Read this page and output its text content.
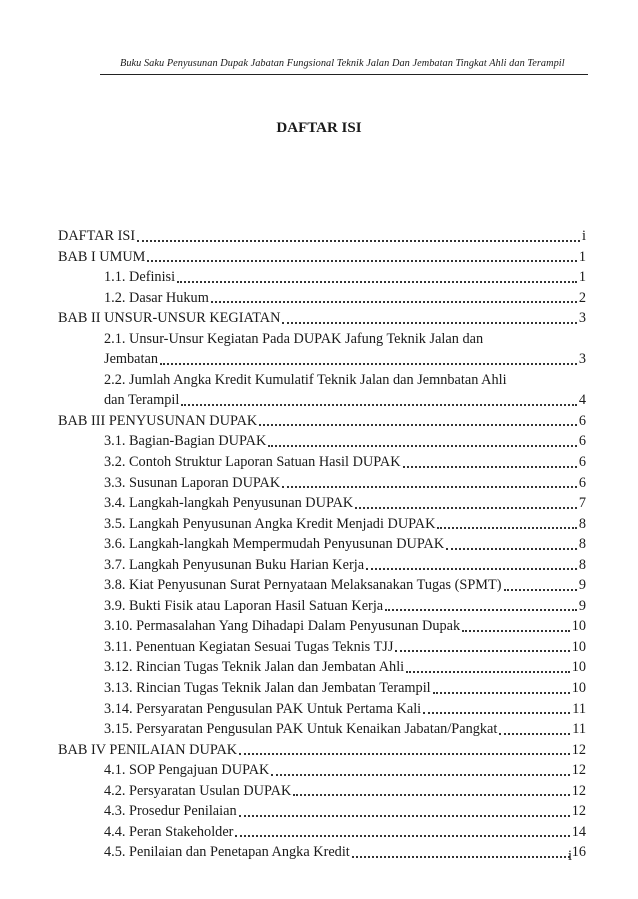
Buku Saku Penyusunan Dupak Jabatan Fungsional Teknik Jalan Dan Jembatan Tingkat Ahli dan Terampil
DAFTAR ISI
DAFTAR ISI	i
BAB I UMUM	1
1.1. Definisi	1
1.2. Dasar Hukum	2
BAB II UNSUR-UNSUR KEGIATAN	3
2.1. Unsur-Unsur Kegiatan Pada DUPAK Jafung Teknik Jalan dan
Jembatan	3
2.2. Jumlah Angka Kredit Kumulatif Teknik Jalan dan Jemnbatan Ahli
dan Terampil	4
BAB III PENYUSUNAN DUPAK	6
3.1. Bagian-Bagian DUPAK	6
3.2. Contoh Struktur Laporan Satuan Hasil DUPAK	6
3.3. Susunan Laporan DUPAK	6
3.4. Langkah-langkah Penyusunan DUPAK	7
3.5. Langkah Penyusunan Angka Kredit Menjadi DUPAK	8
3.6. Langkah-langkah Mempermudah Penyusunan DUPAK	8
3.7. Langkah Penyusunan Buku Harian Kerja	8
3.8. Kiat Penyusunan Surat Pernyataan Melaksanakan Tugas (SPMT)	9
3.9. Bukti Fisik atau Laporan Hasil Satuan Kerja	9
3.10. Permasalahan Yang Dihadapi Dalam Penyusunan Dupak	10
3.11. Penentuan Kegiatan Sesuai Tugas Teknis TJJ	10
3.12. Rincian Tugas Teknik Jalan dan Jembatan Ahli	10
3.13. Rincian Tugas Teknik Jalan dan Jembatan Terampil	10
3.14. Persyaratan Pengusulan PAK Untuk Pertama Kali	11
3.15. Persyaratan Pengusulan PAK Untuk Kenaikan Jabatan/Pangkat	11
BAB IV PENILAIAN DUPAK	12
4.1. SOP Pengajuan DUPAK	12
4.2. Persyaratan Usulan DUPAK	12
4.3. Prosedur Penilaian	12
4.4. Peran Stakeholder	14
4.5. Penilaian dan Penetapan Angka Kredit	16
i
